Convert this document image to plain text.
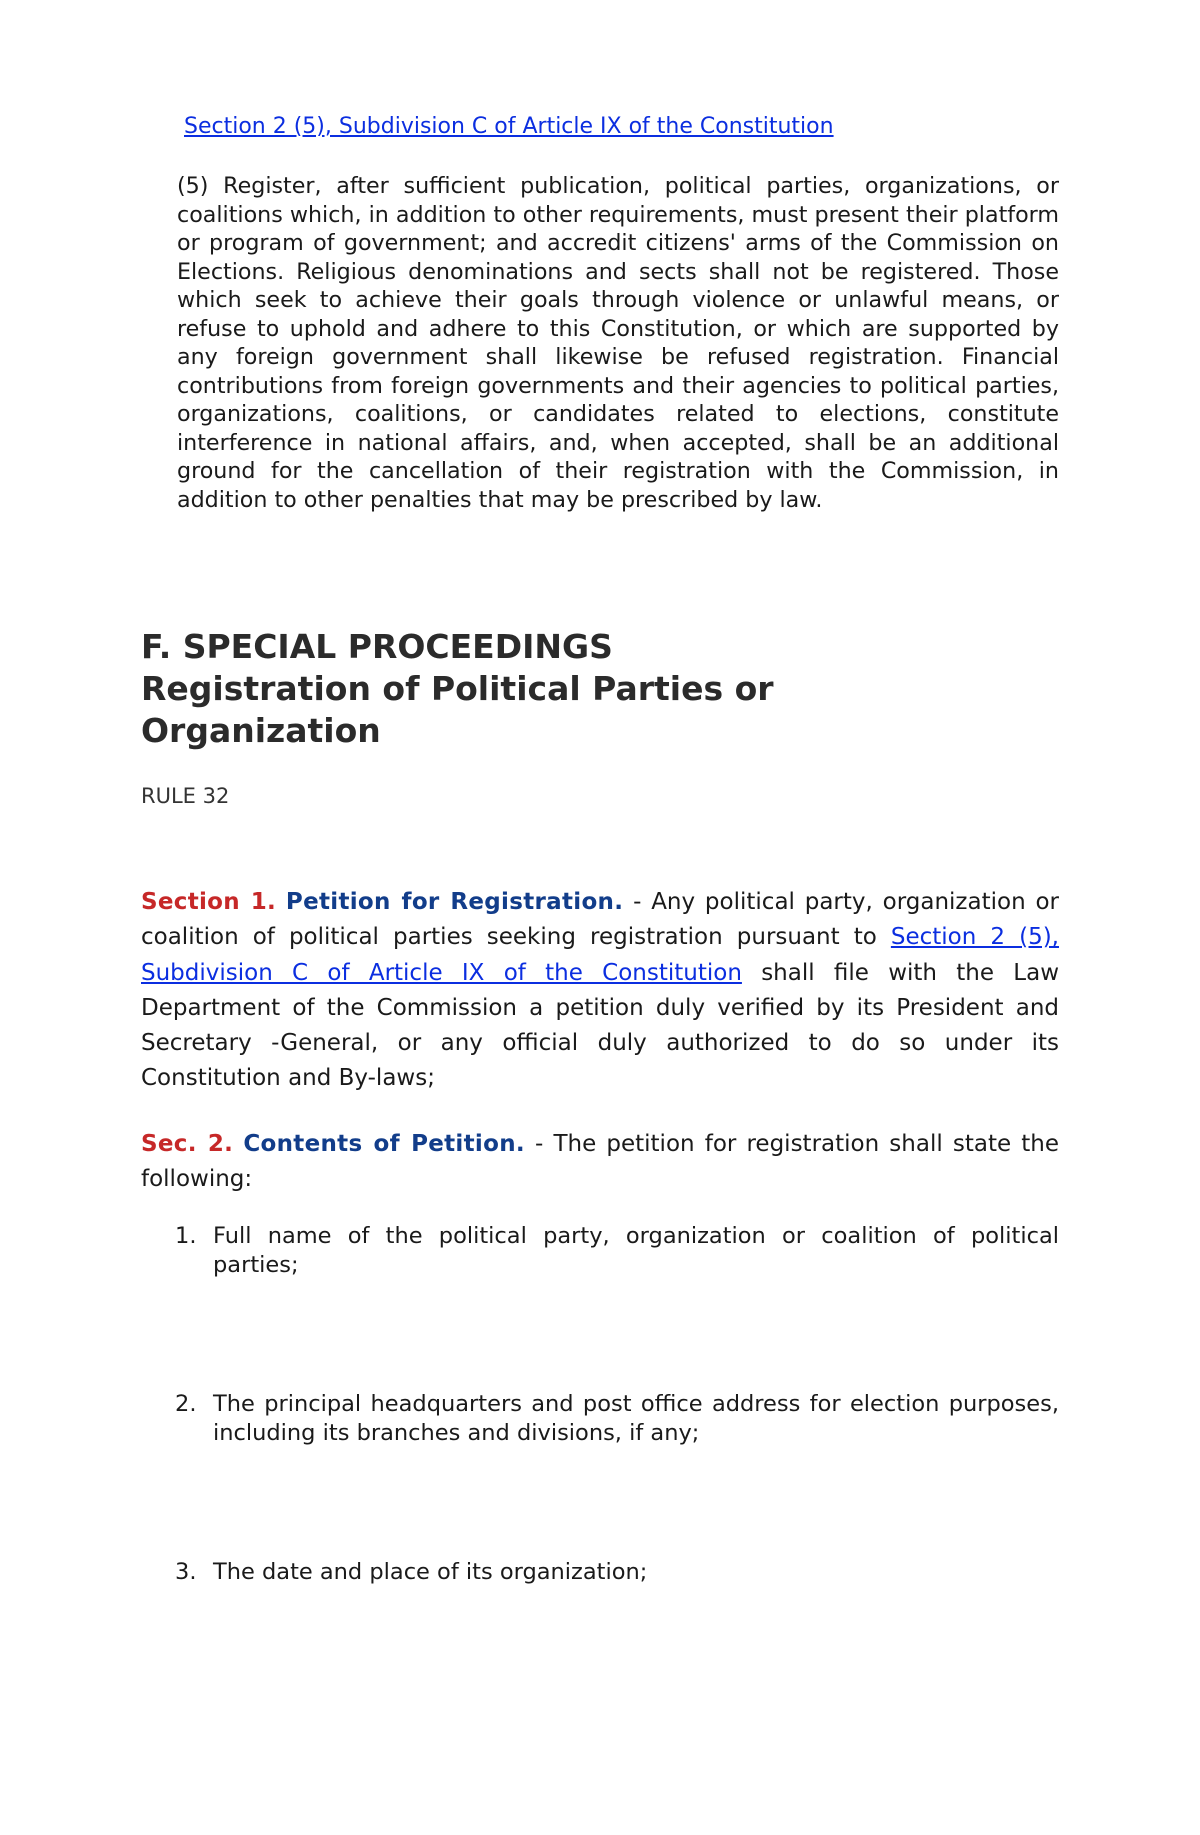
Section 2 (5), Subdivision C of Article IX of the Constitution

(5) Register, after sufficient publication, political parties, organizations, or coalitions which, in addition to other requirements, must present their platform or program of government; and accredit citizens' arms of the Commission on Elections. Religious denominations and sects shall not be registered. Those which seek to achieve their goals through violence or unlawful means, or refuse to uphold and adhere to this Constitution, or which are supported by any foreign government shall likewise be refused registration. Financial contributions from foreign governments and their agencies to political parties, organizations, coalitions, or candidates related to elections, constitute interference in national affairs, and, when accepted, shall be an additional ground for the cancellation of their registration with the Commission, in addition to other penalties that may be prescribed by law.

F. SPECIAL PROCEEDINGS
Registration of Political Parties or
Organization

RULE 32

Section 1. Petition for Registration. - Any political party, organization or coalition of political parties seeking registration pursuant to Section 2 (5), Subdivision C of Article IX of the Constitution shall file with the Law Department of the Commission a petition duly verified by its President and Secretary -General, or any official duly authorized to do so under its Constitution and By-laws;

Sec. 2. Contents of Petition. - The petition for registration shall state the following:

1. Full name of the political party, organization or coalition of political parties;
2. The principal headquarters and post office address for election purposes, including its branches and divisions, if any;
3. The date and place of its organization;
